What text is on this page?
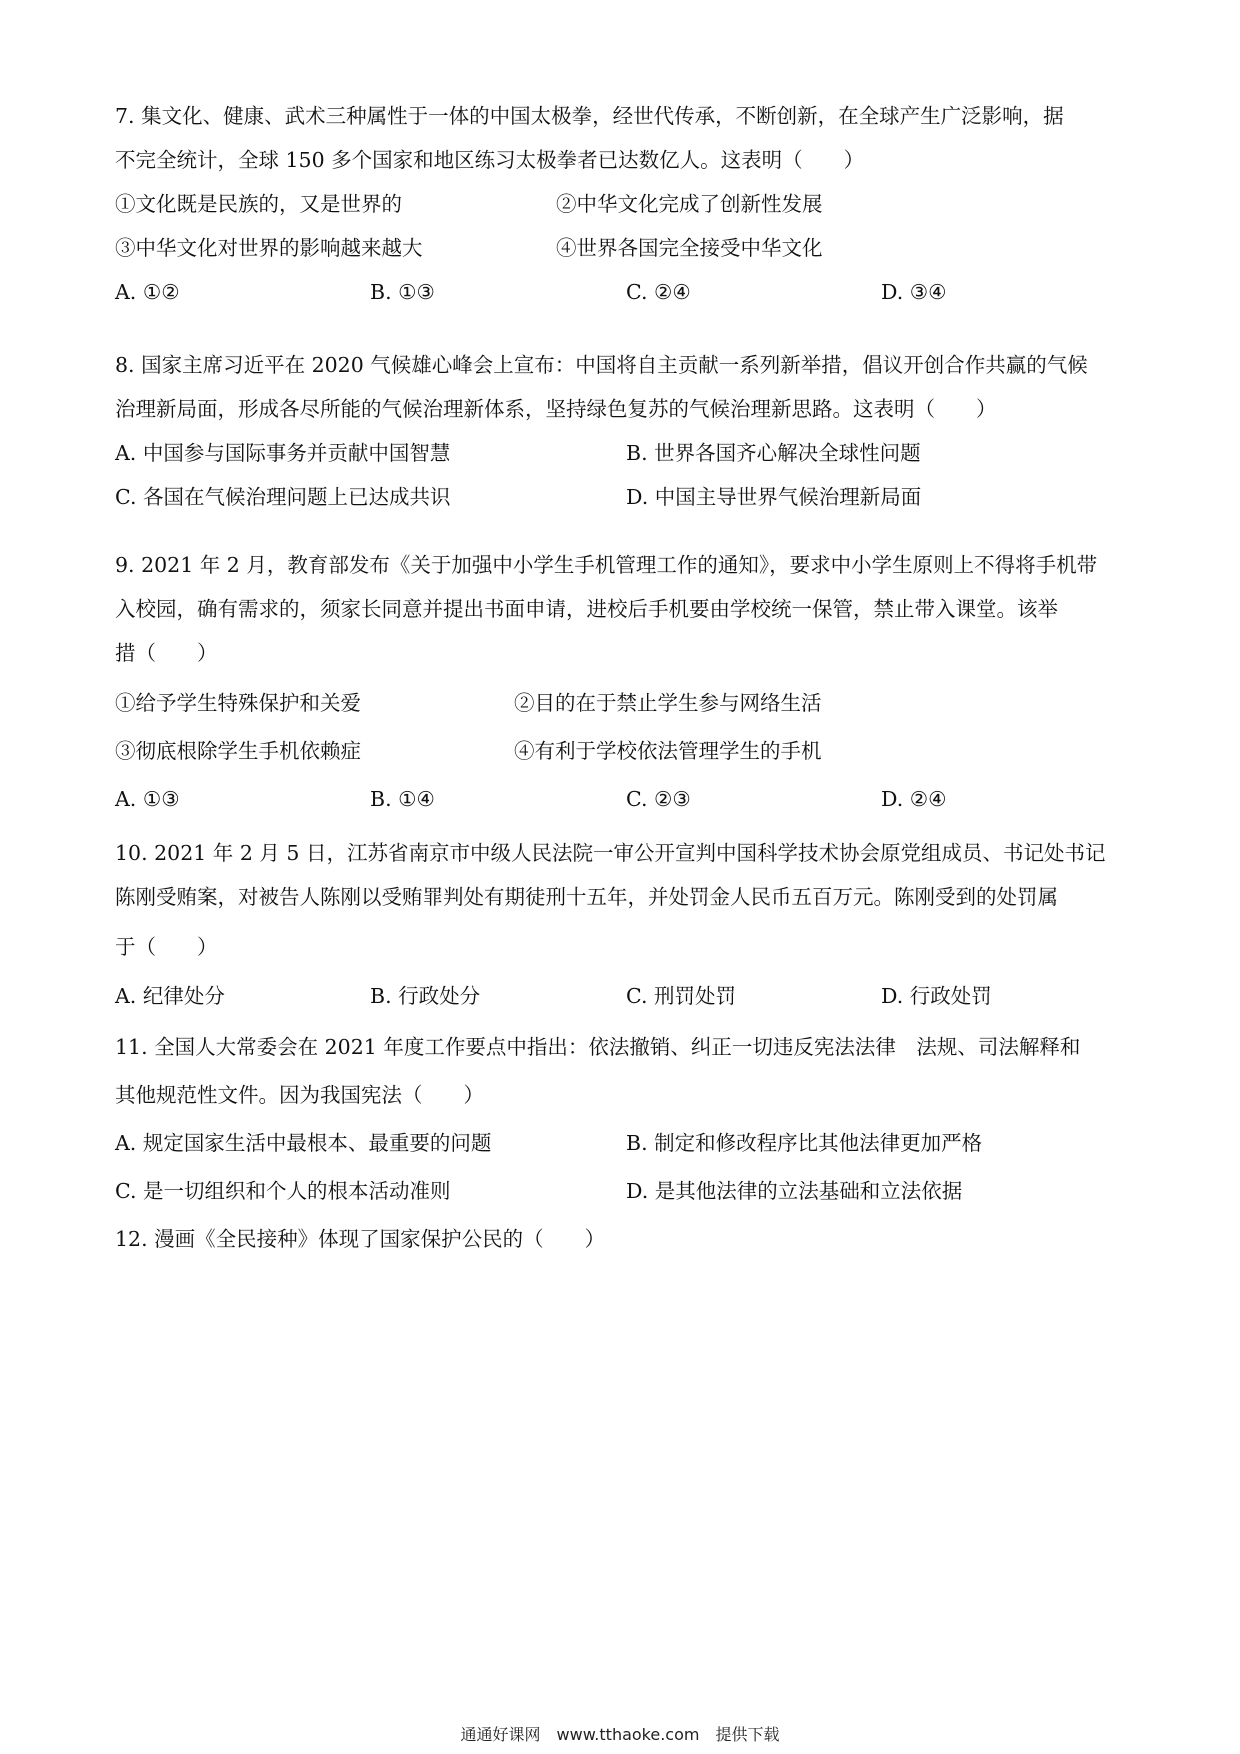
7. 集文化、健康、武术三种属性于一体的中国太极拳，经世代传承，不断创新，在全球产生广泛影响，据
不完全统计，全球 150 多个国家和地区练习太极拳者已达数亿人。这表明（　　）
①文化既是民族的，又是世界的	②中华文化完成了创新性发展
③中华文化对世界的影响越来越大	④世界各国完全接受中华文化
A. ①②	B. ①③	C. ②④	D. ③④
8. 国家主席习近平在 2020 气候雄心峰会上宣布：中国将自主贡献一系列新举措，倡议开创合作共赢的气候
治理新局面，形成各尽所能的气候治理新体系，坚持绿色复苏的气候治理新思路。这表明（　　）
A. 中国参与国际事务并贡献中国智慧	B. 世界各国齐心解决全球性问题
C. 各国在气候治理问题上已达成共识	D. 中国主导世界气候治理新局面
9. 2021 年 2 月，教育部发布《关于加强中小学生手机管理工作的通知》，要求中小学生原则上不得将手机带
入校园，确有需求的，须家长同意并提出书面申请，进校后手机要由学校统一保管，禁止带入课堂。该举
措（　　）
①给予学生特殊保护和关爱	②目的在于禁止学生参与网络生活
③彻底根除学生手机依赖症	④有利于学校依法管理学生的手机
A. ①③	B. ①④	C. ②③	D. ②④
10. 2021 年 2 月 5 日，江苏省南京市中级人民法院一审公开宣判中国科学技术协会原党组成员、书记处书记
陈刚受贿案，对被告人陈刚以受贿罪判处有期徒刑十五年，并处罚金人民币五百万元。陈刚受到的处罚属
于（　　）
A. 纪律处分	B. 行政处分	C. 刑罚处罚	D. 行政处罚
11. 全国人大常委会在 2021 年度工作要点中指出：依法撤销、纠正一切违反宪法法律　法规、司法解释和
其他规范性文件。因为我国宪法（　　）
A. 规定国家生活中最根本、最重要的问题	B. 制定和修改程序比其他法律更加严格
C. 是一切组织和个人的根本活动准则	D. 是其他法律的立法基础和立法依据
12. 漫画《全民接种》体现了国家保护公民的（　　）
通通好课网　www.tthaoke.com　提供下载
